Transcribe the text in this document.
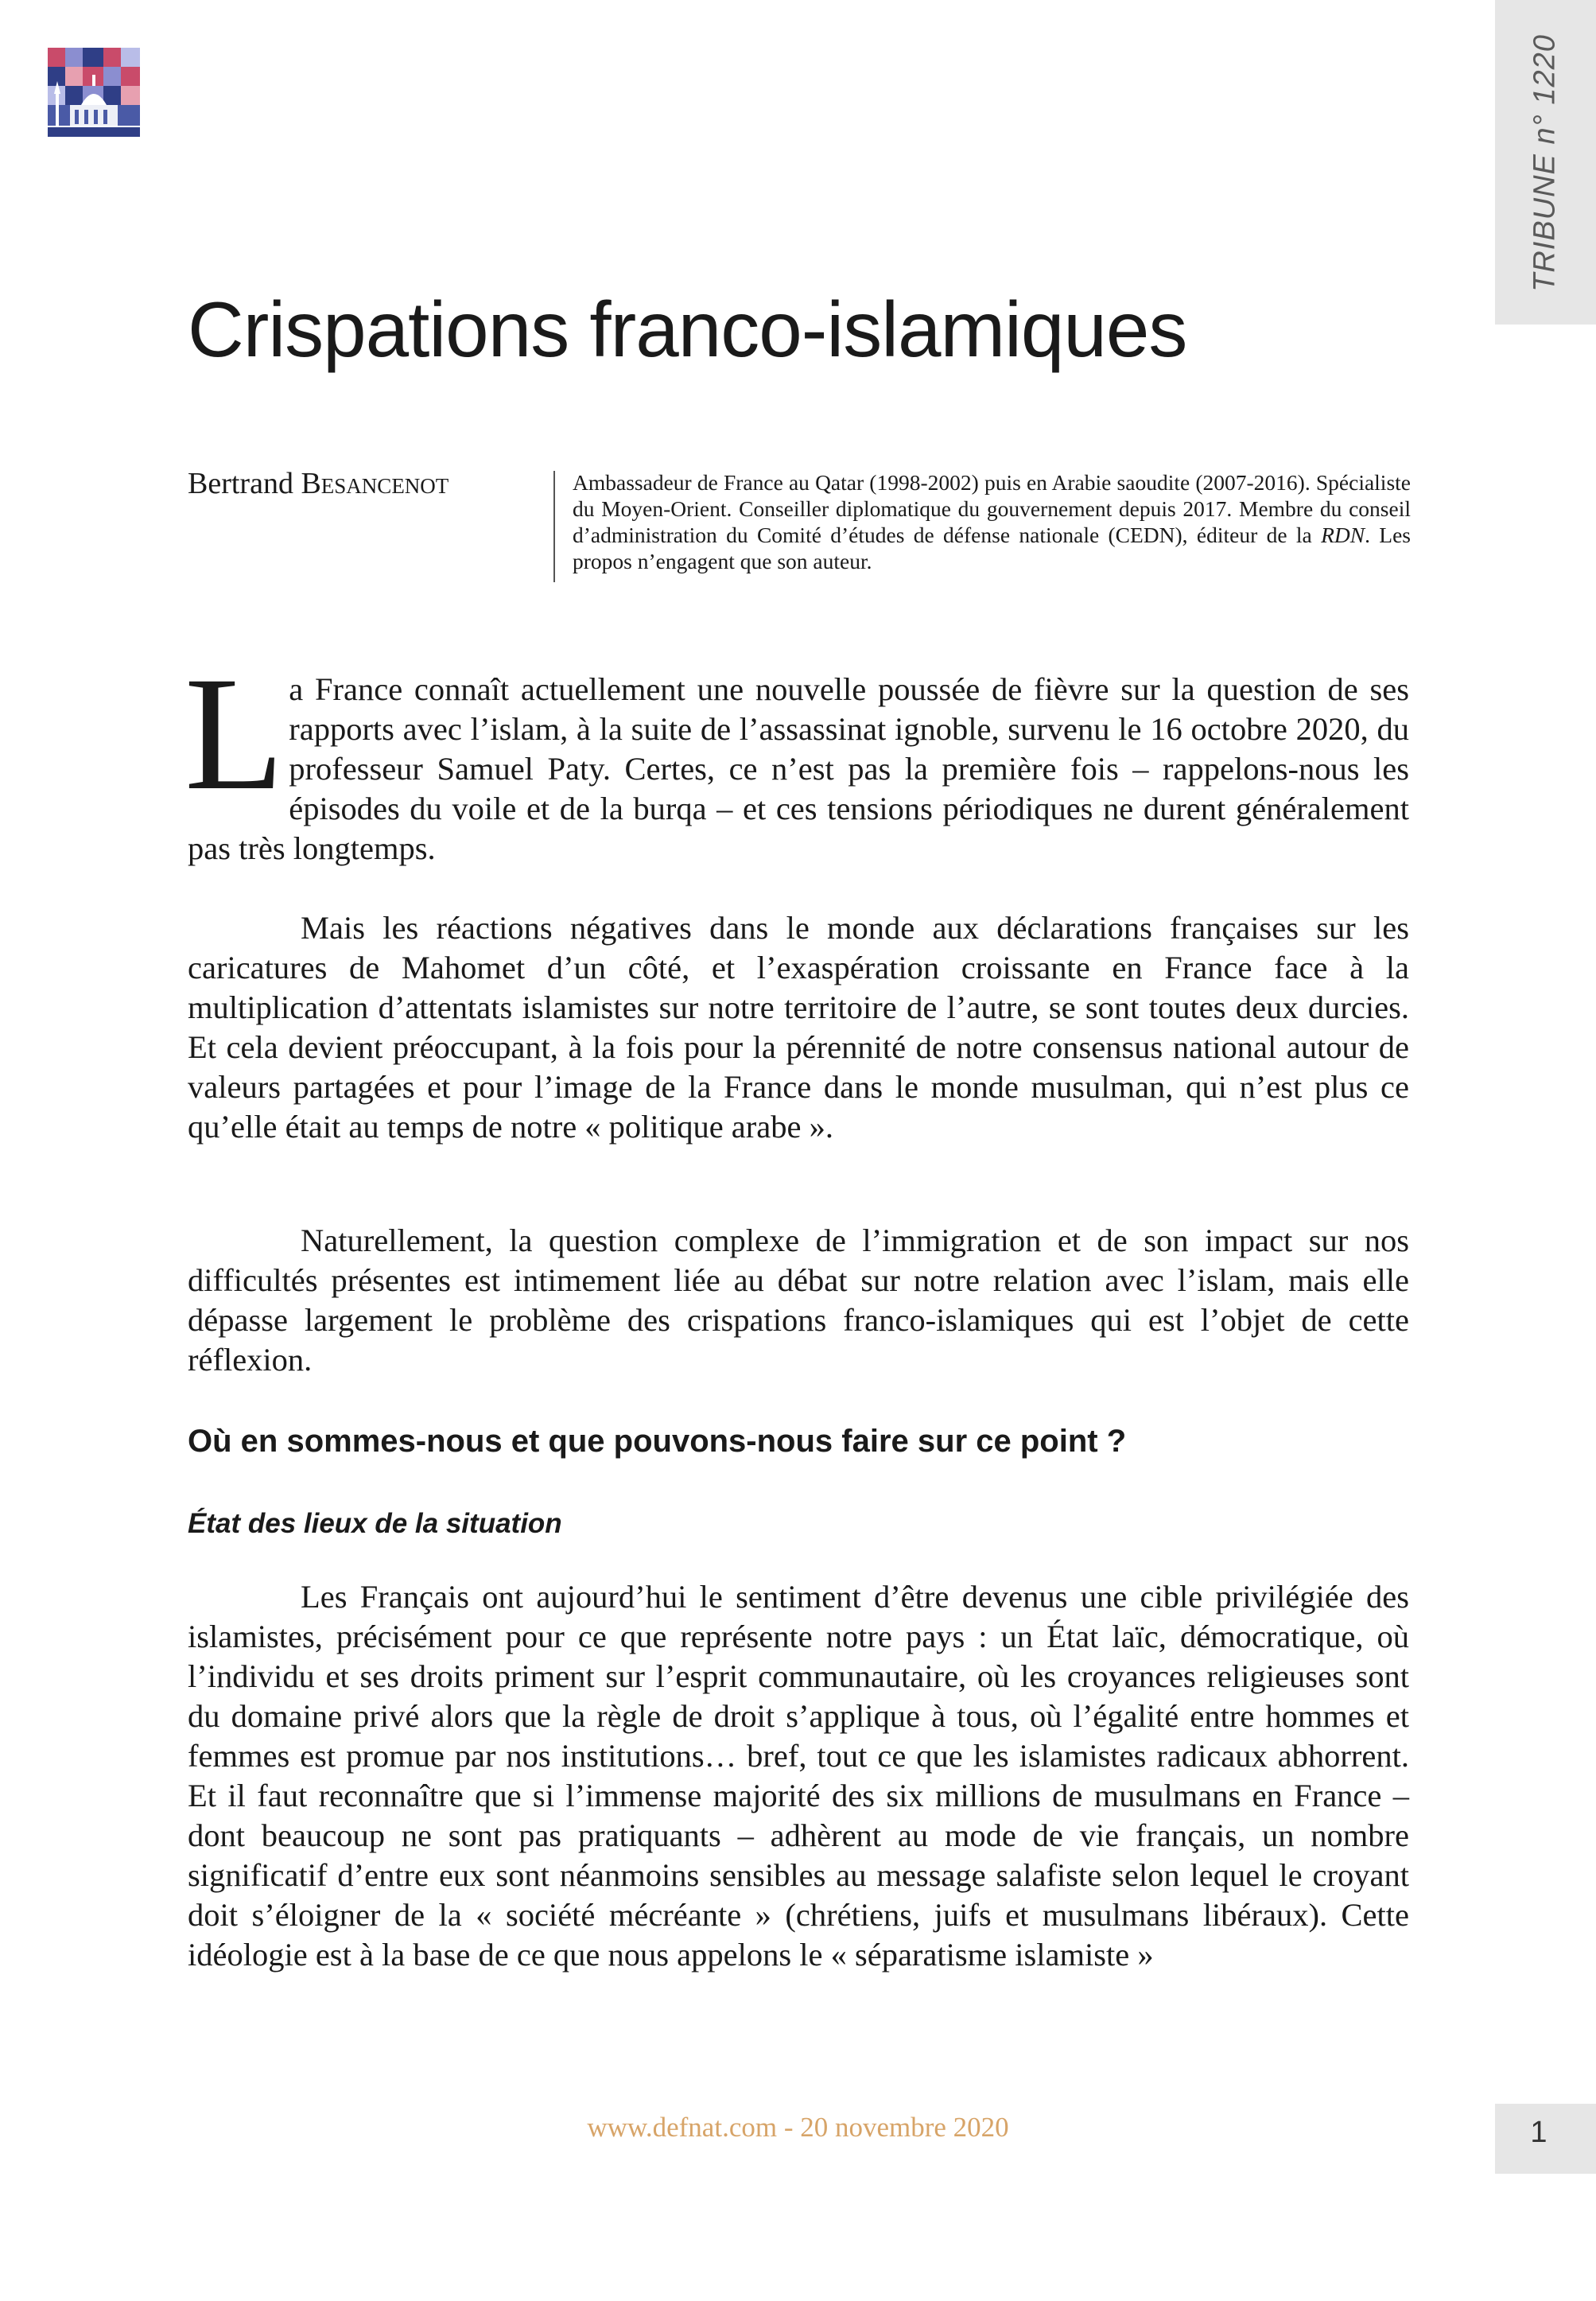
TRIBUNE n° 1220
Crispations franco-islamiques
Bertrand Besancenot	Ambassadeur de France au Qatar (1998-2002) puis en Arabie saoudite (2007-2016). Spécialiste du Moyen-Orient. Conseiller diplomatique du gouvernement depuis 2017. Membre du conseil d’administration du Comité d’études de défense nationale (CEDN), éditeur de la RDN. Les propos n’engagent que son auteur.
L a France connaît actuellement une nouvelle poussée de fièvre sur la question de ses rapports avec l’islam, à la suite de l’assassinat ignoble, survenu le 16 octobre 2020, du professeur Samuel Paty. Certes, ce n’est pas la première fois – rappelons-nous les épisodes du voile et de la burqa – et ces tensions périodiques ne durent généralement pas très longtemps.

Mais les réactions négatives dans le monde aux déclarations françaises sur les caricatures de Mahomet d’un côté, et l’exaspération croissante en France face à la multiplication d’attentats islamistes sur notre territoire de l’autre, se sont toutes deux durcies. Et cela devient préoccupant, à la fois pour la pérennité de notre consensus national autour de valeurs partagées et pour l’image de la France dans le monde musulman, qui n’est plus ce qu’elle était au temps de notre « politique arabe ».

Naturellement, la question complexe de l’immigration et de son impact sur nos difficultés présentes est intimement liée au débat sur notre relation avec l’islam, mais elle dépasse largement le problème des crispations franco-islamiques qui est l’objet de cette réflexion.

Où en sommes-nous et que pouvons-nous faire sur ce point ?
État des lieux de la situation

Les Français ont aujourd’hui le sentiment d’être devenus une cible privilégiée des islamistes, précisément pour ce que représente notre pays : un État laïc, démocratique, où l’individu et ses droits priment sur l’esprit communautaire, où les croyances religieuses sont du domaine privé alors que la règle de droit s’applique à tous, où l’égalité entre hommes et femmes est promue par nos institutions… bref, tout ce que les islamistes radicaux abhorrent. Et il faut reconnaître que si l’immense majorité des six millions de musulmans en France – dont beaucoup ne sont pas pratiquants – adhèrent au mode de vie français, un nombre significatif d’entre eux sont néanmoins sensibles au message salafiste selon lequel le croyant doit s’éloigner de la « société mécréante » (chrétiens, juifs et musulmans libéraux). Cette idéologie est à la base de ce que nous appelons le « séparatisme islamiste »

www.defnat.com - 20 novembre 2020	1
